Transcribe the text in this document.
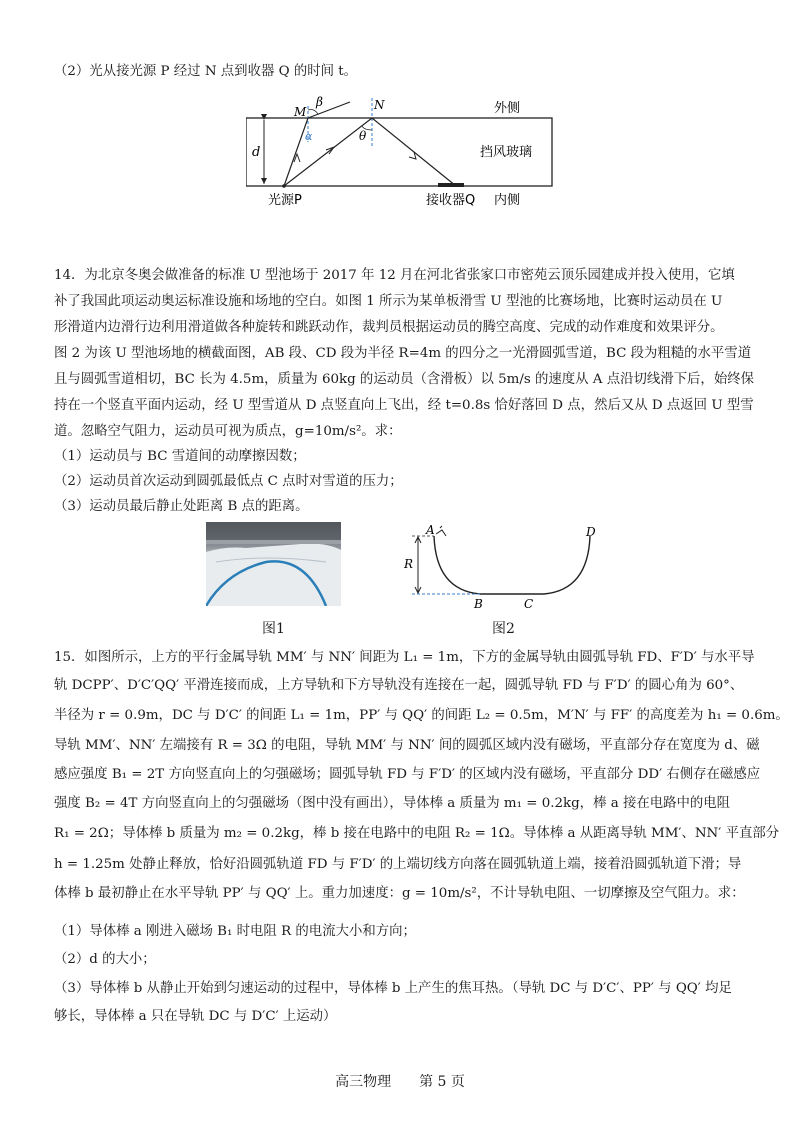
（2）光从接光源 P 经过 N 点到收器 Q 的时间 t。
M	N
β
α	θ
d
外侧
挡风玻璃
内侧
光源P	接收器Q
14．为北京冬奥会做准备的标准 U 型池场于 2017 年 12 月在河北省张家口市密苑云顶乐园建成并投入使用，它填
补了我国此项运动奥运标准设施和场地的空白。如图 1 所示为某单板滑雪 U 型池的比赛场地，比赛时运动员在 U
形滑道内边滑行边利用滑道做各种旋转和跳跃动作，裁判员根据运动员的腾空高度、完成的动作难度和效果评分。
图 2 为该 U 型池场地的横截面图，AB 段、CD 段为半径 R=4m 的四分之一光滑圆弧雪道，BC 段为粗糙的水平雪道
且与圆弧雪道相切，BC 长为 4.5m，质量为 60kg 的运动员（含滑板）以 5m/s 的速度从 A 点沿切线滑下后，始终保
持在一个竖直平面内运动，经 U 型雪道从 D 点竖直向上飞出，经 t=0.8s 恰好落回 D 点，然后又从 D 点返回 U 型雪
道。忽略空气阻力，运动员可视为质点，g=10m/s²。求：
（1）运动员与 BC 雪道间的动摩擦因数；
（2）运动员首次运动到圆弧最低点 C 点时对雪道的压力；
（3）运动员最后静止处距离 B 点的距离。
A
R
B	C
D
图1	图2
15．如图所示，上方的平行金属导轨 MM′ 与 NN′ 间距为 L₁ = 1m，下方的金属导轨由圆弧导轨 FD、F′D′ 与水平导
轨 DCPP′、D′C′QQ′ 平滑连接而成，上方导轨和下方导轨没有连接在一起，圆弧导轨 FD 与 F′D′ 的圆心角为 60°、
半径为 r = 0.9m，DC 与 D′C′ 的间距 L₁ = 1m，PP′ 与 QQ′ 的间距 L₂ = 0.5m，M′N′ 与 FF′ 的高度差为 h₁ = 0.6m。
导轨 MM′、NN′ 左端接有 R = 3Ω 的电阻，导轨 MM′ 与 NN′ 间的圆弧区域内没有磁场，平直部分存在宽度为 d、磁
感应强度 B₁ = 2T 方向竖直向上的匀强磁场；圆弧导轨 FD 与 F′D′ 的区域内没有磁场，平直部分 DD′ 右侧存在磁感应
强度 B₂ = 4T 方向竖直向上的匀强磁场（图中没有画出），导体棒 a 质量为 m₁ = 0.2kg，棒 a 接在电路中的电阻
R₁ = 2Ω；导体棒 b 质量为 m₂ = 0.2kg，棒 b 接在电路中的电阻 R₂ = 1Ω。导体棒 a 从距离导轨 MM′、NN′ 平直部分
h = 1.25m 处静止释放，恰好沿圆弧轨道 FD 与 F′D′ 的上端切线方向落在圆弧轨道上端，接着沿圆弧轨道下滑；导
体棒 b 最初静止在水平导轨 PP′ 与 QQ′ 上。重力加速度：g = 10m/s²，不计导轨电阻、一切摩擦及空气阻力。求：
（1）导体棒 a 刚进入磁场 B₁ 时电阻 R 的电流大小和方向；
（2）d 的大小；
（3）导体棒 b 从静止开始到匀速运动的过程中，导体棒 b 上产生的焦耳热。（导轨 DC 与 D′C′、PP′ 与 QQ′ 均足
够长，导体棒 a 只在导轨 DC 与 D′C′ 上运动）
高三物理　　第 5 页
